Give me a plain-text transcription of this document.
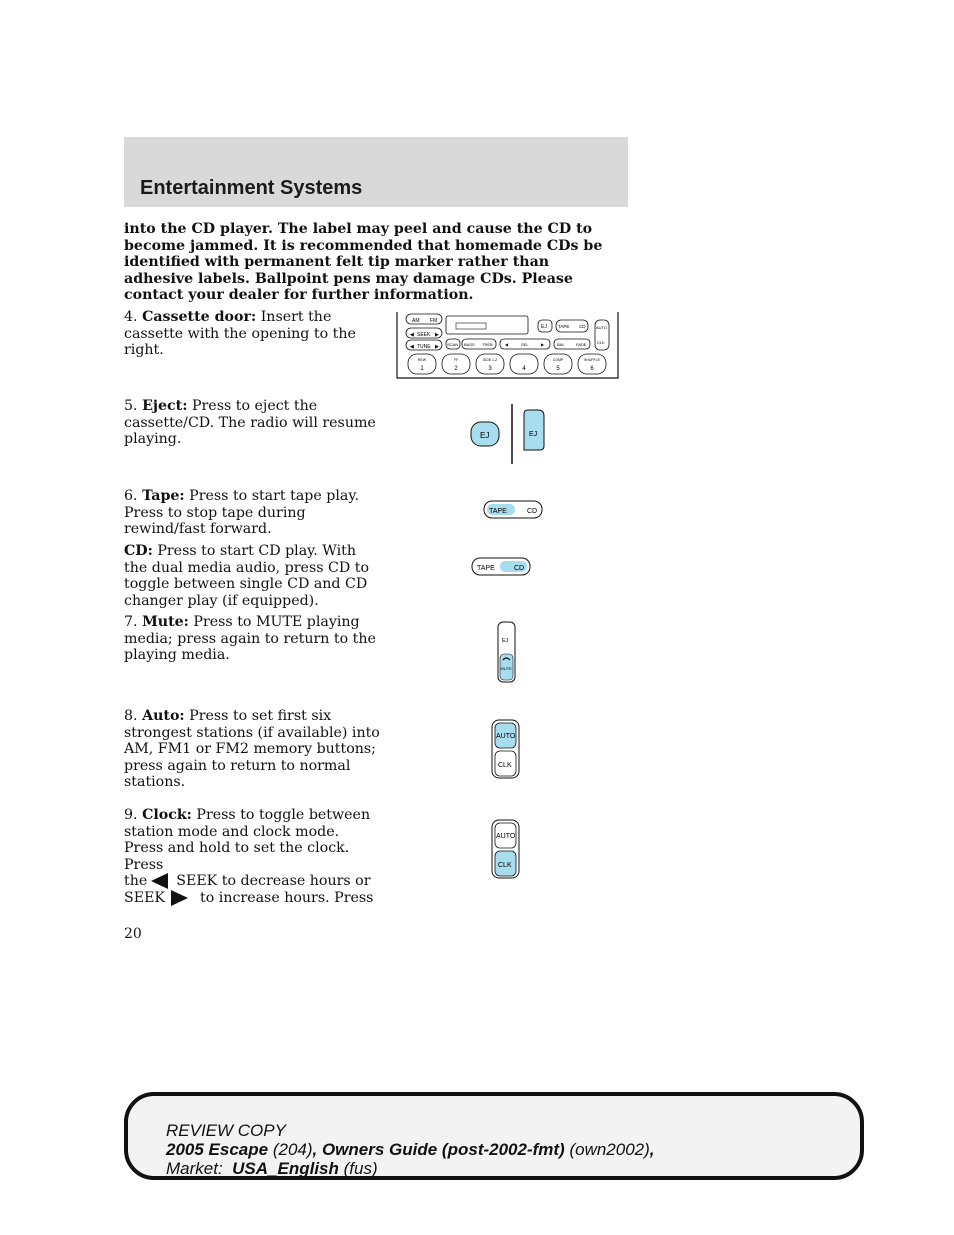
Entertainment Systems
into the CD player. The label may peel and cause the CD to become jammed. It is recommended that homemade CDs be identified with permanent felt tip marker rather than adhesive labels. Ballpoint pens may damage CDs. Please contact your dealer for further information.
4. Cassette door: Insert the cassette with the opening to the right.
5. Eject: Press to eject the cassette/CD. The radio will resume playing.
6. Tape: Press to start tape play. Press to stop tape during rewind/fast forward.
CD: Press to start CD play. With the dual media audio, press CD to toggle between single CD and CD changer play (if equipped).
7. Mute: Press to MUTE playing media; press again to return to the playing media.
8. Auto: Press to set first six strongest stations (if available) into AM, FM1 or FM2 memory buttons; press again to return to normal stations.
9. Clock: Press to toggle between station mode and clock mode. Press and hold to set the clock. Press
the SEEK to decrease hours or
SEEK to increase hours. Press
AM FM
◀ SEEK ▶
◀ TUNE ▶
EJ TAPE CD	AUTO
CLK
SCAN BASS TREB	◀	SEL	▶	BAL	FADE
REW
1
FF
2
SIDE 1-2
3	4
COMP
5
SHUFFLE
6
EJ	EJ
TAPE	CD
TAPE	CD
EJ
MUTE
AUTO
CLK
AUTO
CLK
20
REVIEW COPY
2005 Escape (204), Owners Guide (post-2002-fmt) (own2002),
Market: USA_English (fus)
